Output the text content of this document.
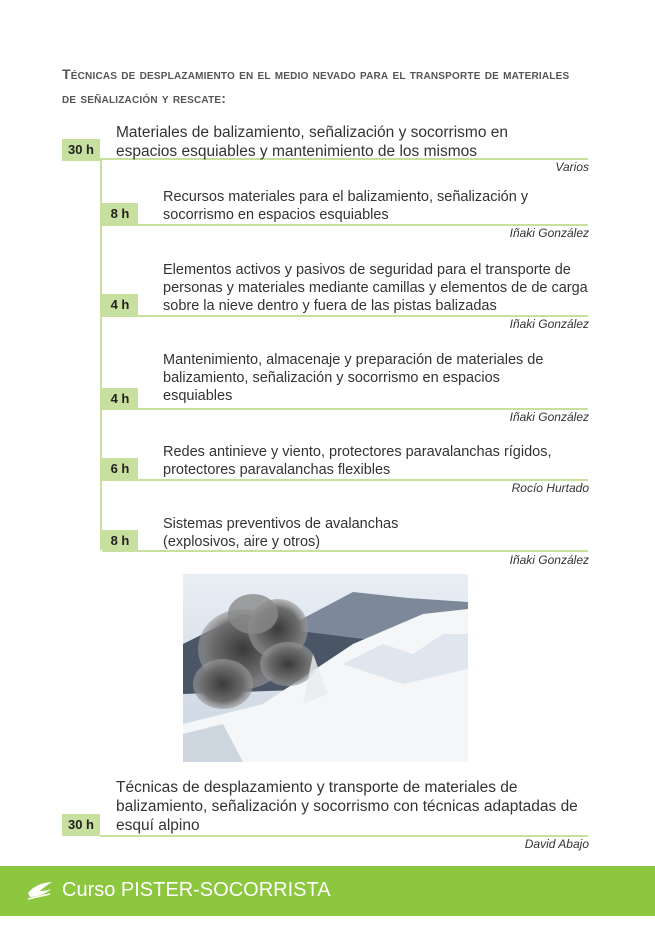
Técnicas de desplazamiento en el medio nevado para el transporte de materiales de señalización y rescate:
30 h
Materiales de balizamiento, señalización y socorrismo en espacios esquiables y mantenimiento de los mismos
Varios
8 h
Recursos materiales para el balizamiento, señalización y socorrismo en espacios esquiables
Iñaki González
4 h
Elementos activos y pasivos de seguridad para el transporte de personas y materiales mediante camillas y elementos de de carga sobre la nieve dentro y fuera de las pistas balizadas
Iñaki González
4 h
Mantenimiento, almacenaje y preparación de materiales de balizamiento, señalización y socorrismo en espacios esquiables
Iñaki González
6 h
Redes antinieve y viento, protectores paravalanchas rígidos, protectores paravalanchas flexibles
Rocío Hurtado
8 h
Sistemas preventivos de avalanchas (explosivos, aire y otros)
Iñaki González
30 h
Técnicas de desplazamiento y transporte de materiales de balizamiento, señalización y socorrismo con técnicas adaptadas de esquí alpino
David Abajo
Curso PISTER-SOCORRISTA
